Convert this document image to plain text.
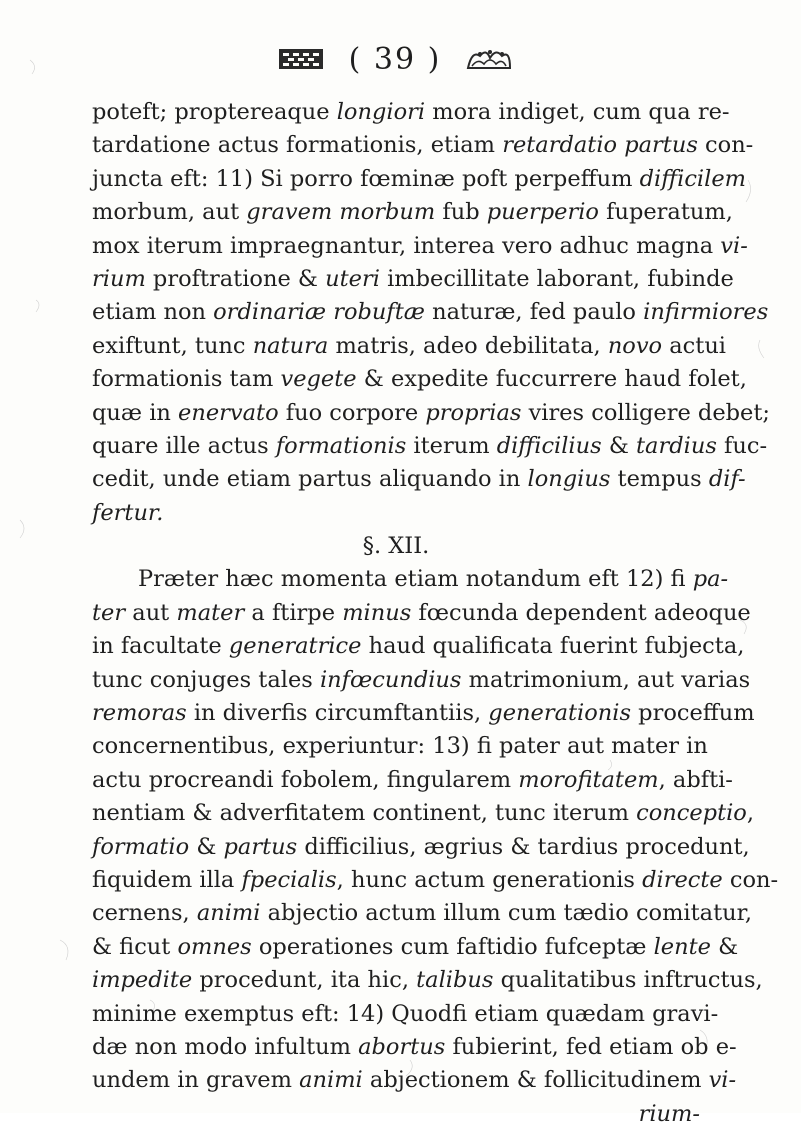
( 39 )
poteft; proptereaque longiori mora indiget, cum qua re-
tardatione actus formationis, etiam retardatio partus con-
juncta eft: 11) Si porro fœminæ poft perpeffum difficilem
morbum, aut gravem morbum fub puerperio fuperatum,
mox iterum impraegnantur, interea vero adhuc magna vi-
rium proftratione & uteri imbecillitate laborant, fubinde
etiam non ordinariæ robuftæ naturæ, fed paulo infirmiores
exiftunt, tunc natura matris, adeo debilitata, novo actui
formationis tam vegete & expedite fuccurrere haud folet,
quæ in enervato fuo corpore proprias vires colligere debet;
quare ille actus formationis iterum difficilius & tardius fuc-
cedit, unde etiam partus aliquando in longius tempus dif-
fertur.
§. XII.
Præter hæc momenta etiam notandum eft 12) fi pa-
ter aut mater a ftirpe minus fœcunda dependent adeoque
in facultate generatrice haud qualificata fuerint fubjecta,
tunc conjuges tales infœcundius matrimonium, aut varias
remoras in diverfis circumftantiis, generationis proceffum
concernentibus, experiuntur: 13) fi pater aut mater in
actu procreandi fobolem, fingularem morofitatem, abfti-
nentiam & adverfitatem continent, tunc iterum conceptio,
formatio & partus difficilius, ægrius & tardius procedunt,
fiquidem illa fpecialis, hunc actum generationis directe con-
cernens, animi abjectio actum illum cum tædio comitatur,
& ficut omnes operationes cum faftidio fufceptæ lente &
impedite procedunt, ita hic, talibus qualitatibus inftructus,
minime exemptus eft: 14) Quodfi etiam quædam gravi-
dæ non modo infultum abortus fubierint, fed etiam ob e-
undem in gravem animi abjectionem & follicitudinem vi-
rium-
